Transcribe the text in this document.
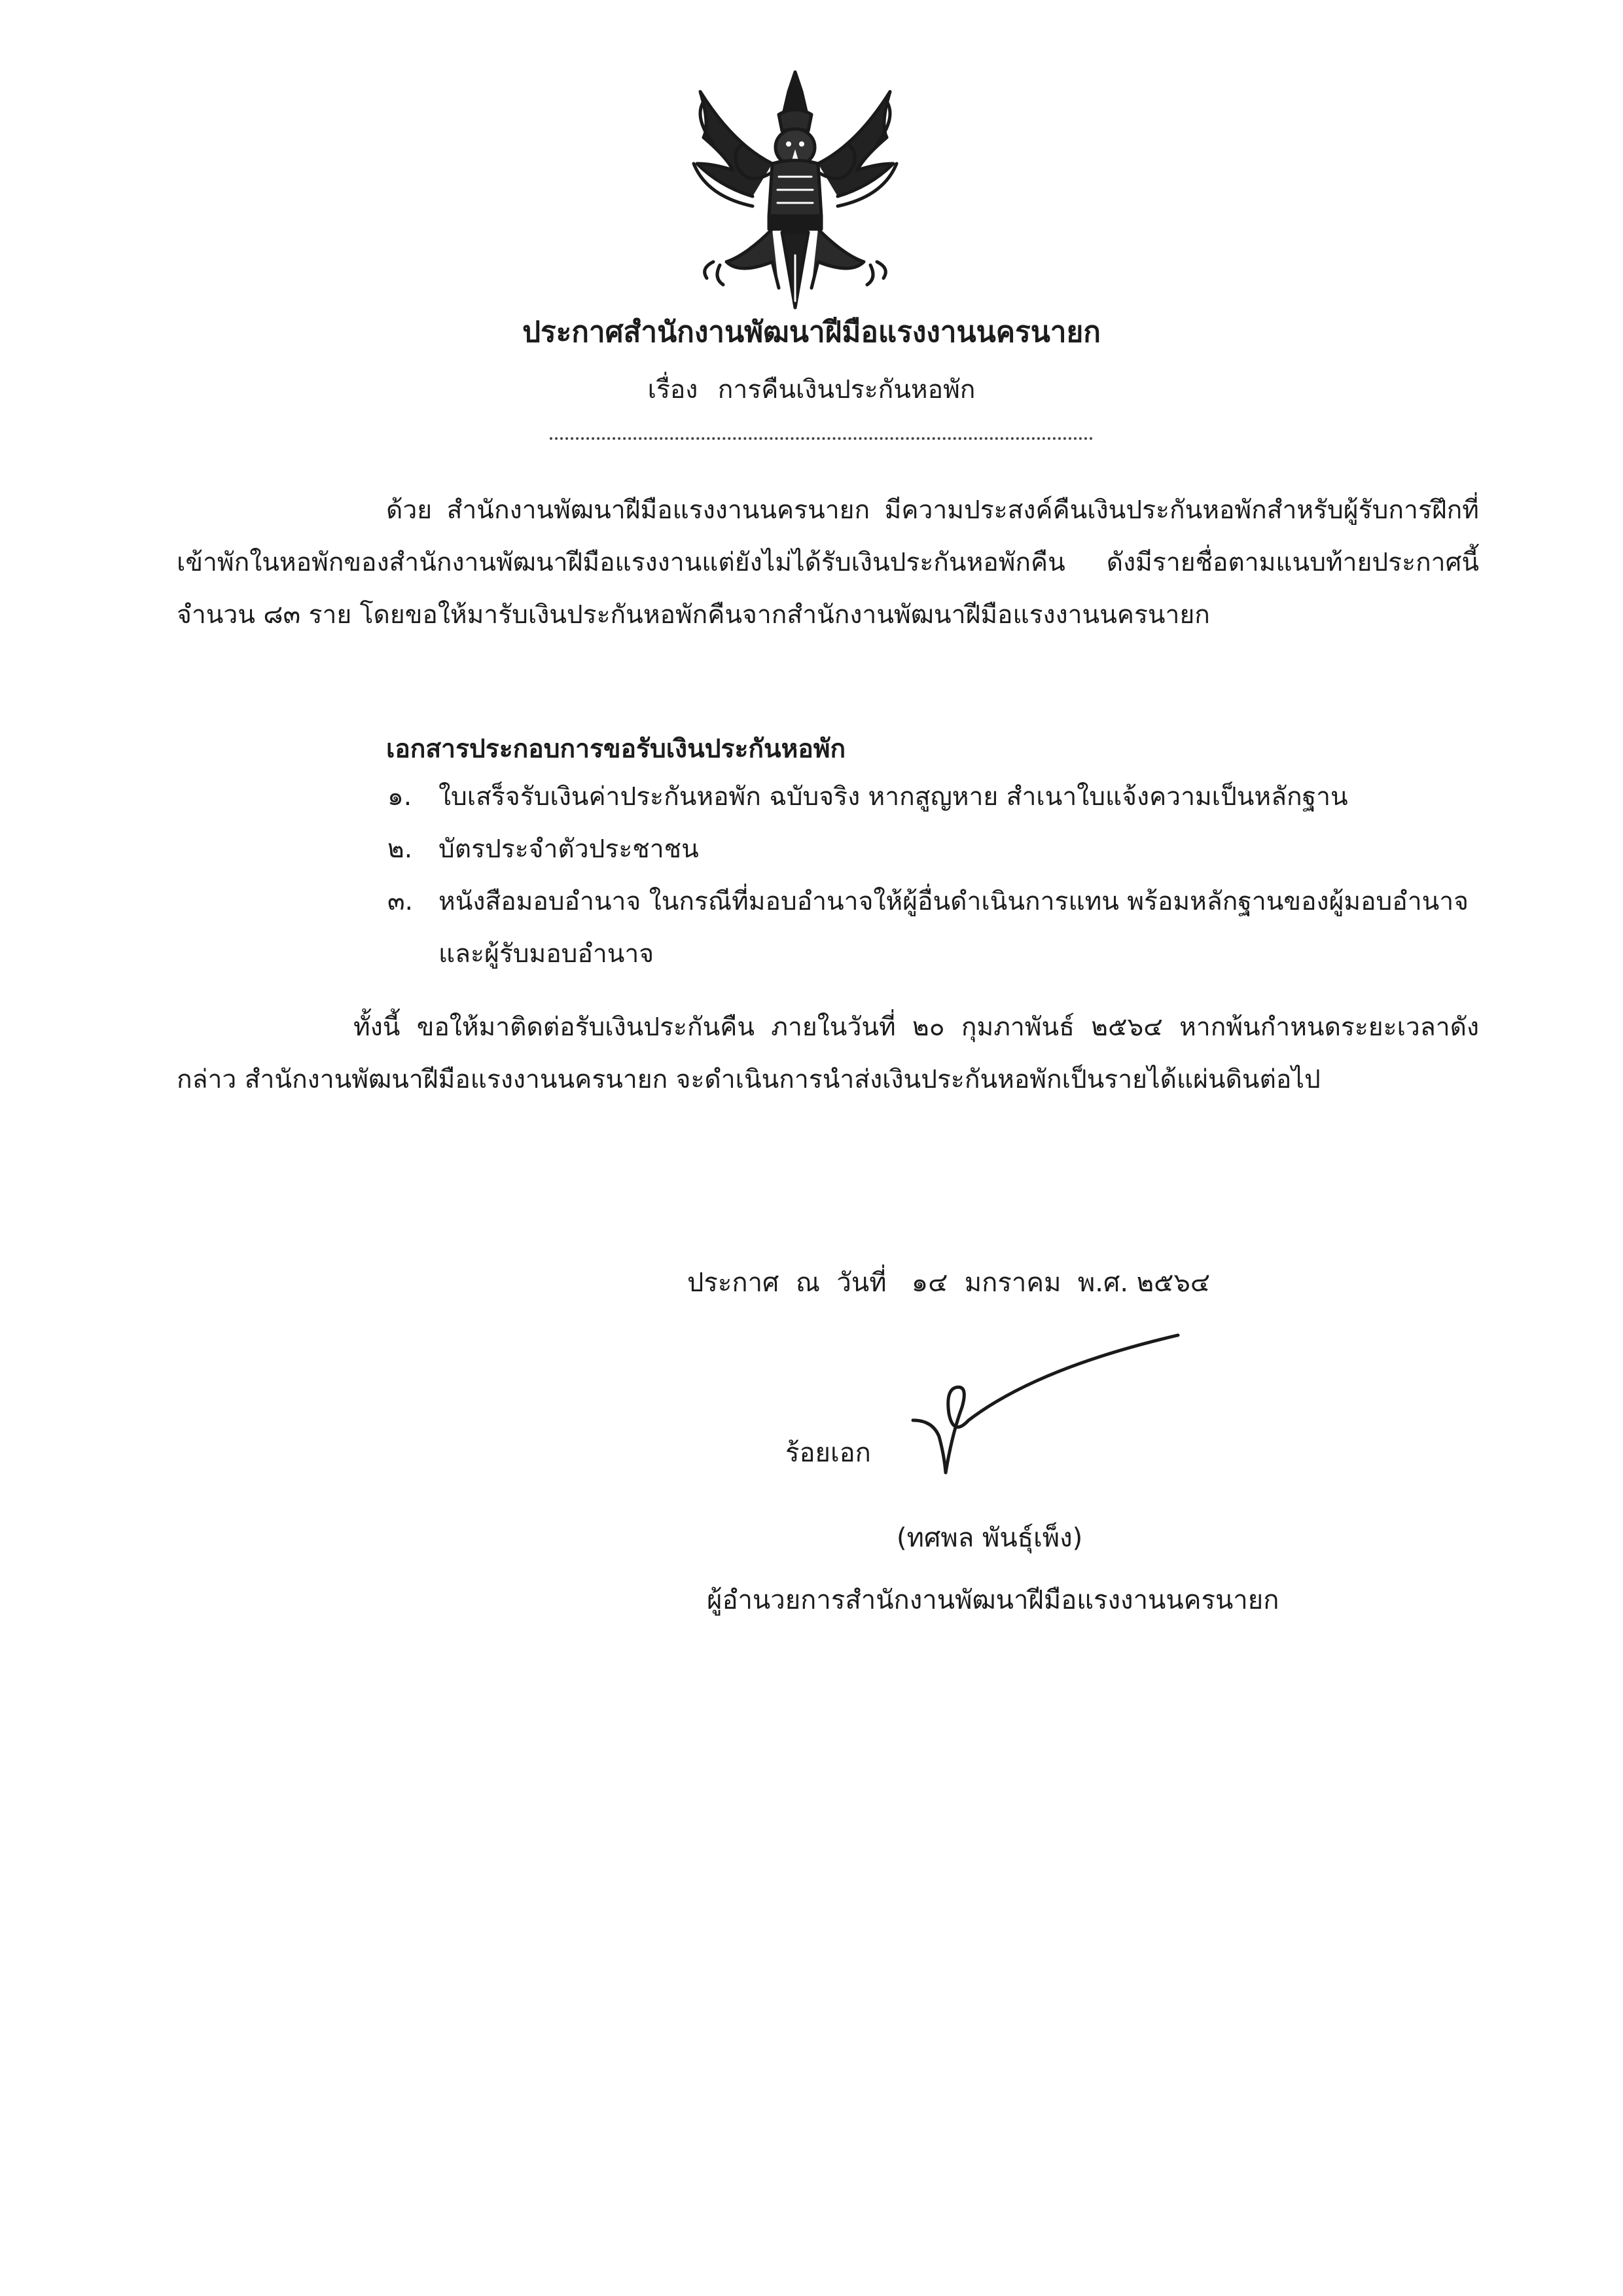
ประกาศสำนักงานพัฒนาฝีมือแรงงานนครนายก
เรื่อง การคืนเงินประกันหอพัก
ด้วย สำนักงานพัฒนาฝีมือแรงงานนครนายก มีความประสงค์คืนเงินประกันหอพักสำหรับผู้รับการฝึกที่เข้าพักในหอพักของสำนักงานพัฒนาฝีมือแรงงานแต่ยังไม่ได้รับเงินประกันหอพักคืน ดังมีรายชื่อตามแนบท้ายประกาศนี้ จำนวน ๘๓ ราย โดยขอให้มารับเงินประกันหอพักคืนจากสำนักงานพัฒนาฝีมือแรงงานนครนายก
เอกสารประกอบการขอรับเงินประกันหอพัก
๑.	ใบเสร็จรับเงินค่าประกันหอพัก ฉบับจริง หากสูญหาย สำเนาใบแจ้งความเป็นหลักฐาน
๒.	บัตรประจำตัวประชาชน
๓. หนังสือมอบอำนาจ ในกรณีที่มอบอำนาจให้ผู้อื่นดำเนินการแทน พร้อมหลักฐานของผู้มอบอำนาจและผู้รับมอบอำนาจ
ทั้งนี้ ขอให้มาติดต่อรับเงินประกันคืน ภายในวันที่ ๒๐ กุมภาพันธ์ ๒๕๖๔ หากพ้นกำหนดระยะเวลาดังกล่าว สำนักงานพัฒนาฝีมือแรงงานนครนายก จะดำเนินการนำส่งเงินประกันหอพักเป็นรายได้แผ่นดินต่อไป
ประกาศ  ณ  วันที่   ๑๔  มกราคม  พ.ศ. ๒๕๖๔
ร้อยเอก
(ทศพล พันธุ์เพ็ง)
ผู้อำนวยการสำนักงานพัฒนาฝีมือแรงงานนครนายก
